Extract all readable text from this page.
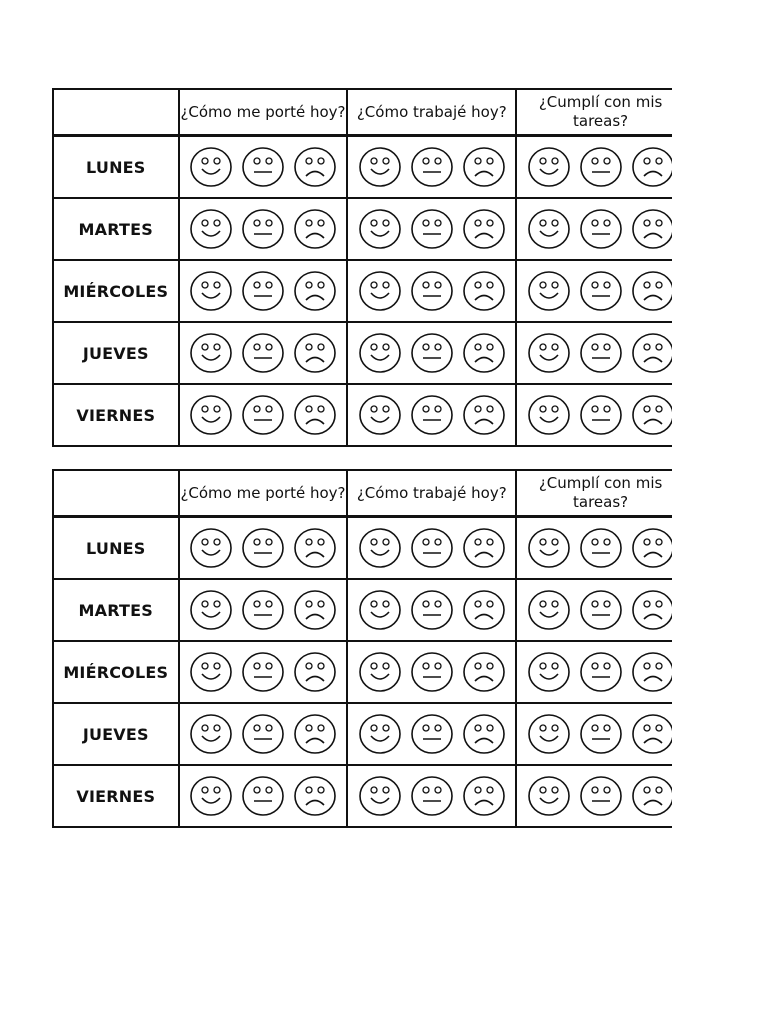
	¿Cómo me porté hoy?	¿Cómo trabajé hoy?	¿Cumplí con mis tareas?
LUNES	

MARTES	

MIÉRCOLES	

JUEVES	

VIERNES	

	¿Cómo me porté hoy?	¿Cómo trabajé hoy?	¿Cumplí con mis tareas?
LUNES	

MARTES	

MIÉRCOLES	

JUEVES	

VIERNES	
